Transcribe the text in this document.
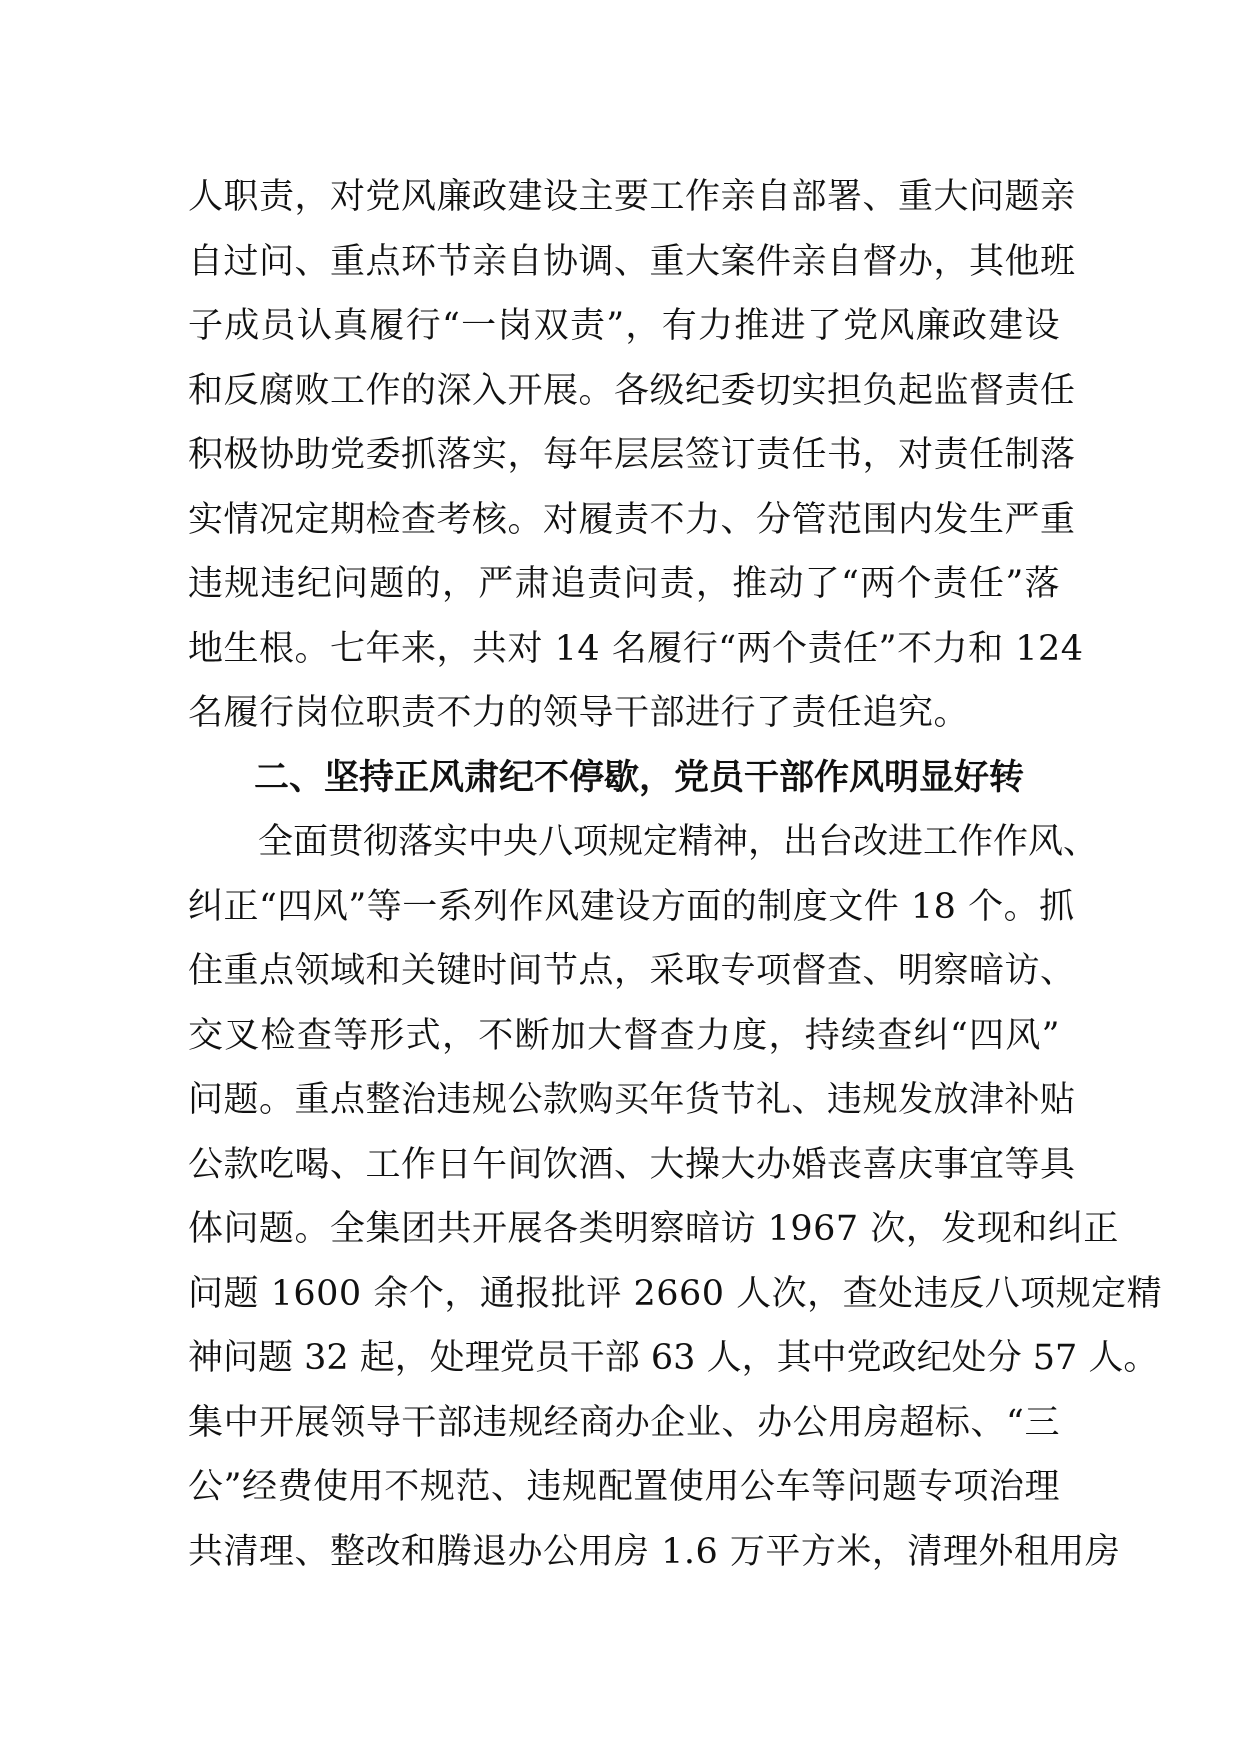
人职责，对党风廉政建设主要工作亲自部署、重大问题亲
自过问、重点环节亲自协调、重大案件亲自督办，其他班
子成员认真履行“一岗双责”，有力推进了党风廉政建设
和反腐败工作的深入开展。各级纪委切实担负起监督责任
积极协助党委抓落实，每年层层签订责任书，对责任制落
实情况定期检查考核。对履责不力、分管范围内发生严重
违规违纪问题的，严肃追责问责，推动了“两个责任”落
地生根。七年来，共对 14 名履行“两个责任”不力和 124
名履行岗位职责不力的领导干部进行了责任追究。
二、坚持正风肃纪不停歇，党员干部作风明显好转
全面贯彻落实中央八项规定精神，出台改进工作作风、
纠正“四风”等一系列作风建设方面的制度文件 18 个。抓
住重点领域和关键时间节点，采取专项督查、明察暗访、
交叉检查等形式，不断加大督查力度，持续查纠“四风”
问题。重点整治违规公款购买年货节礼、违规发放津补贴
公款吃喝、工作日午间饮酒、大操大办婚丧喜庆事宜等具
体问题。全集团共开展各类明察暗访 1967 次，发现和纠正
问题 1600 余个，通报批评 2660 人次，查处违反八项规定精
神问题 32 起，处理党员干部 63 人，其中党政纪处分 57 人。
集中开展领导干部违规经商办企业、办公用房超标、“三
公”经费使用不规范、违规配置使用公车等问题专项治理
共清理、整改和腾退办公用房 1.6 万平方米，清理外租用房
